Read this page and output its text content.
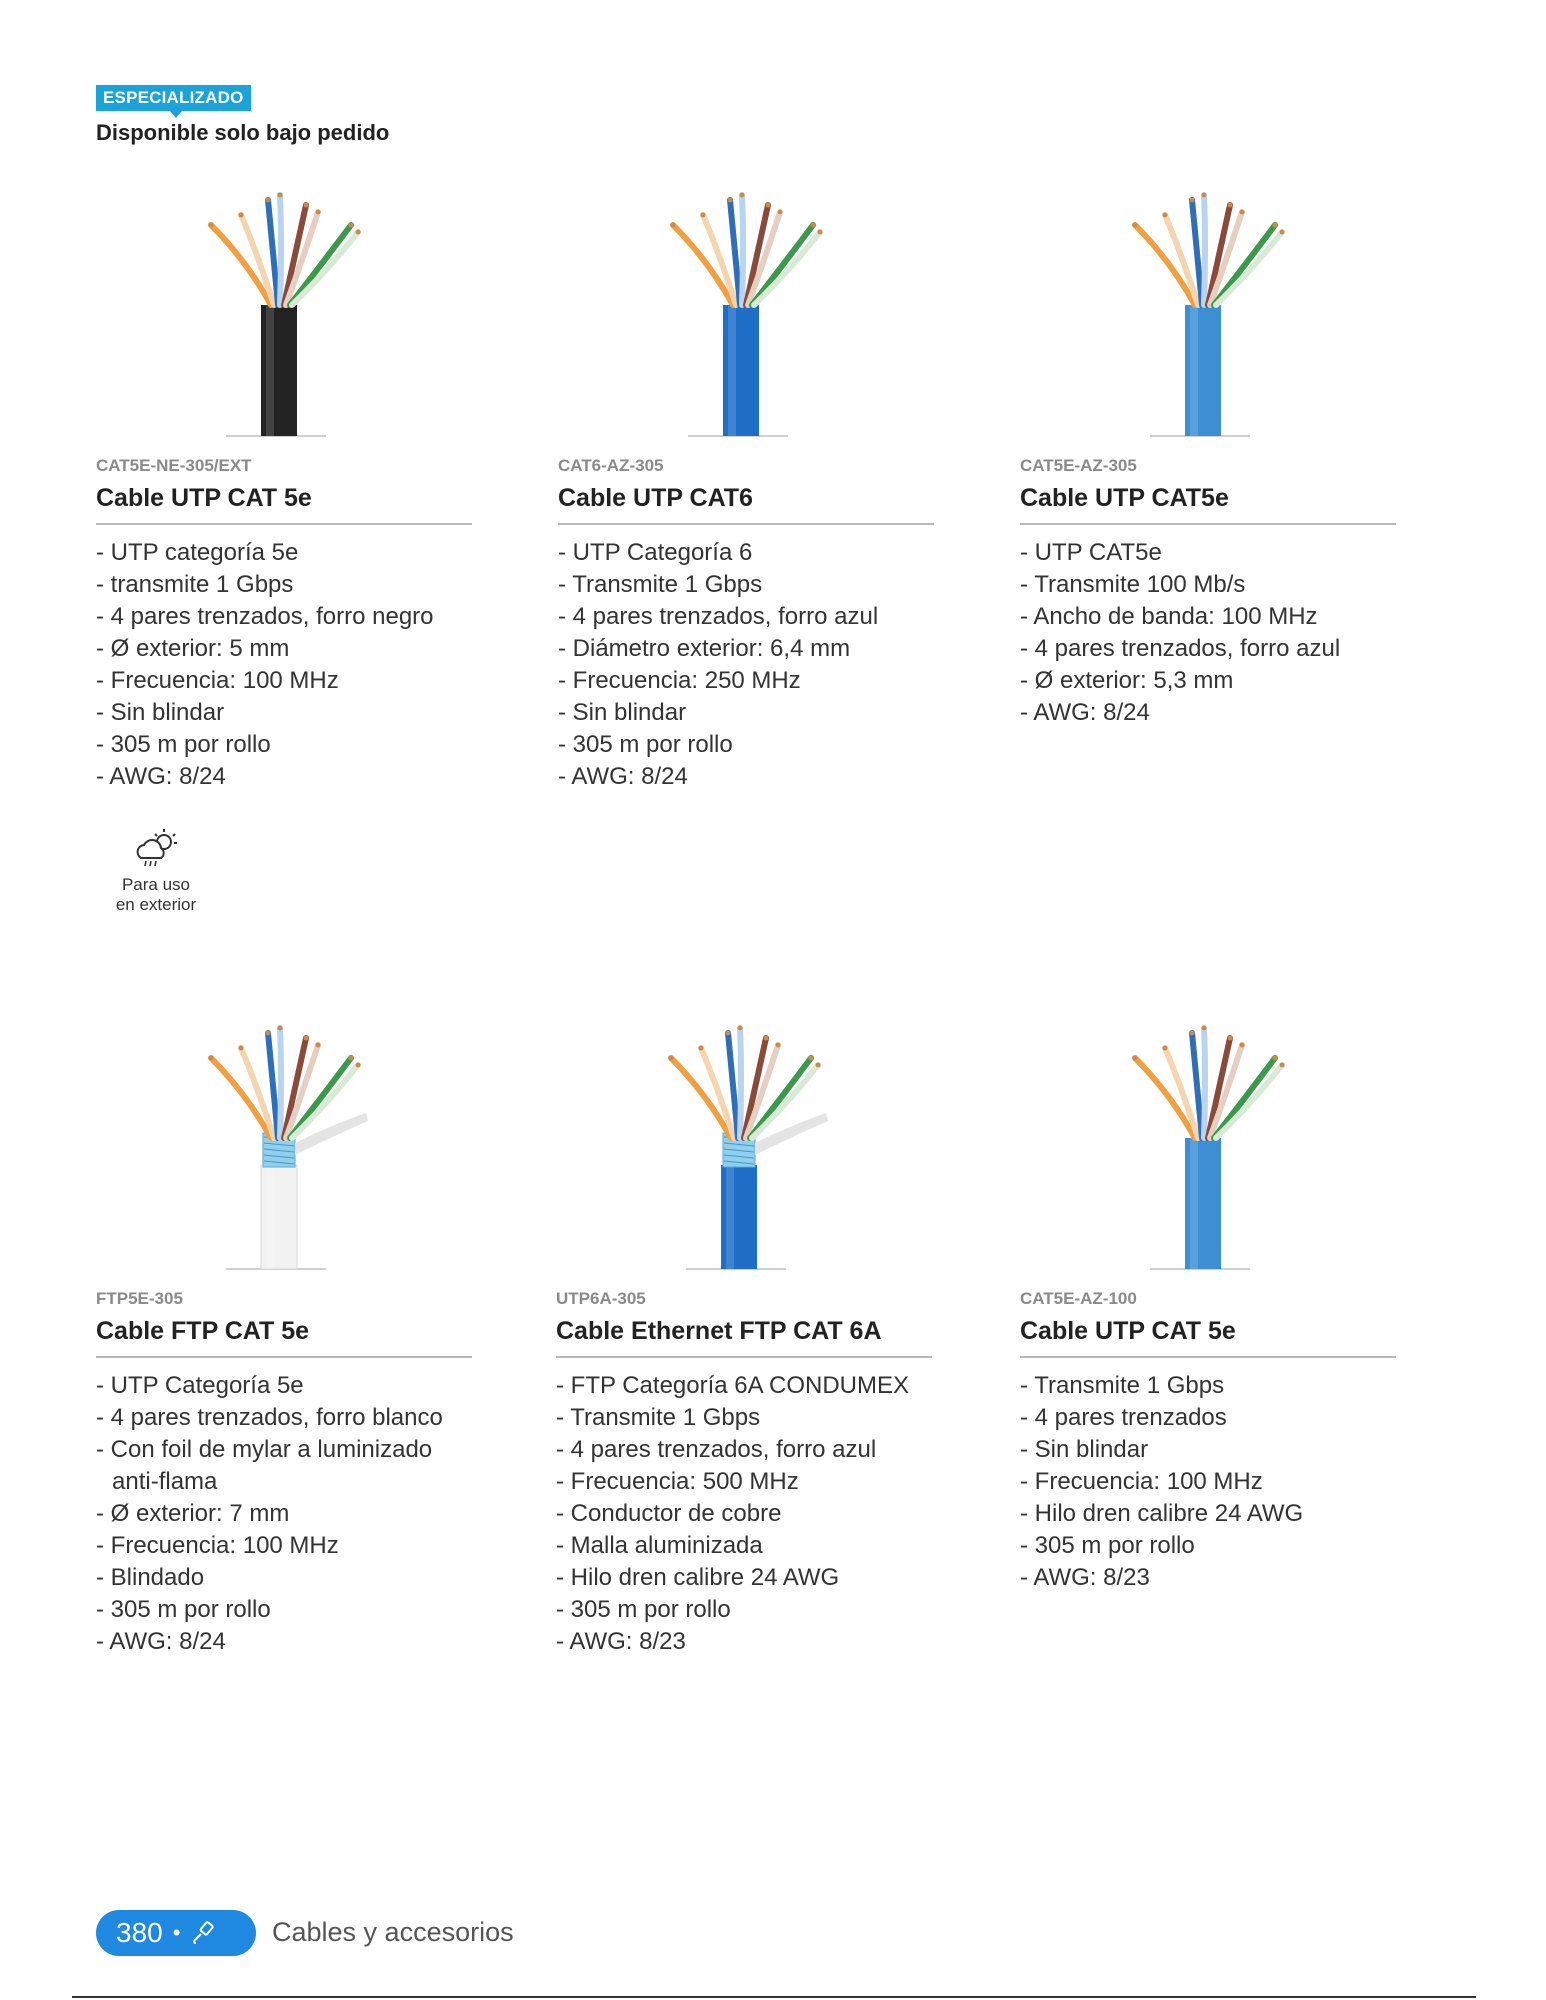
ESPECIALIZADO
Disponible solo bajo pedido
CAT5E-NE-305/EXT
Cable UTP CAT 5e
- UTP categoría 5e
- transmite 1 Gbps
- 4 pares trenzados, forro negro
- Ø exterior: 5 mm
- Frecuencia: 100 MHz
- Sin blindar
- 305 m por rollo
- AWG: 8/24
CAT6-AZ-305
Cable UTP CAT6
- UTP Categoría 6
- Transmite 1 Gbps
- 4 pares trenzados, forro azul
- Diámetro exterior: 6,4 mm
- Frecuencia: 250 MHz
- Sin blindar
- 305 m por rollo
- AWG: 8/24
CAT5E-AZ-305
Cable UTP CAT5e
- UTP CAT5e
- Transmite 100 Mb/s
- Ancho de banda: 100 MHz
- 4 pares trenzados, forro azul
- Ø exterior: 5,3 mm
- AWG: 8/24
Para uso
en exterior
FTP5E-305
Cable FTP CAT 5e
- UTP Categoría 5e
- 4 pares trenzados, forro blanco
- Con foil de mylar a luminizado anti-flama
- Ø exterior: 7 mm
- Frecuencia: 100 MHz
- Blindado
- 305 m por rollo
- AWG: 8/24
UTP6A-305
Cable Ethernet FTP CAT 6A
- FTP Categoría 6A CONDUMEX
- Transmite 1 Gbps
- 4 pares trenzados, forro azul
- Frecuencia: 500 MHz
- Conductor de cobre
- Malla aluminizada
- Hilo dren calibre 24 AWG
- 305 m por rollo
- AWG: 8/23
CAT5E-AZ-100
Cable UTP CAT 5e
- Transmite 1 Gbps
- 4 pares trenzados
- Sin blindar
- Frecuencia: 100 MHz
- Hilo dren calibre 24 AWG
- 305 m por rollo
- AWG: 8/23
380 •	Cables y accesorios
